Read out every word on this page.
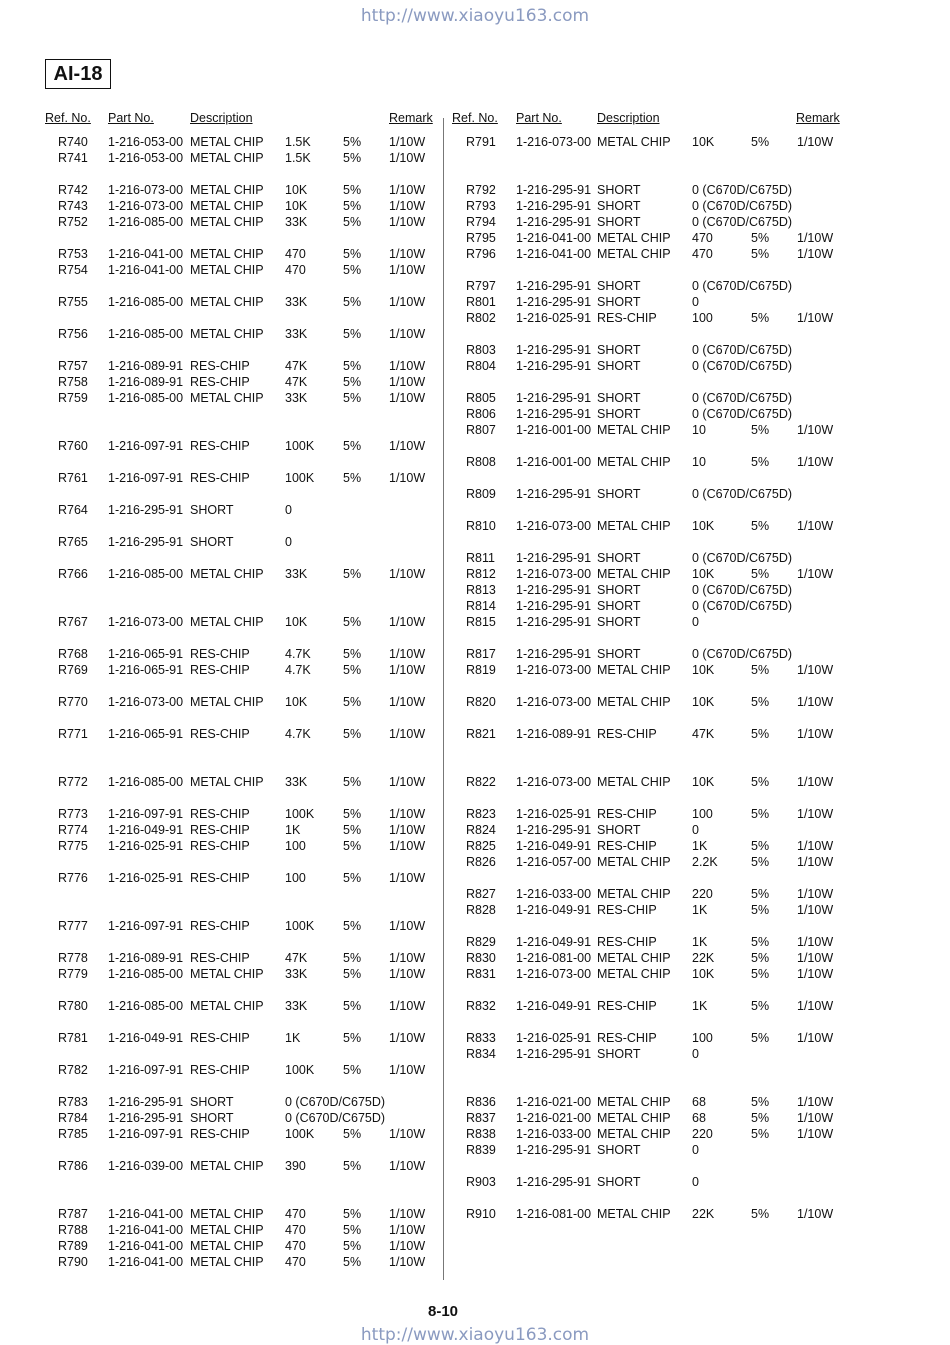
http://www.xiaoyu163.com
AI-18
Ref. No. Part No.	Description	Remark Ref. No. Part No.	Description	Remark
R740 1-216-053-00 METAL CHIP 1.5K	5% 1/10W
R741 1-216-053-00 METAL CHIP 1.5K	5% 1/10W
R742 1-216-073-00 METAL CHIP 10K	5% 1/10W
R743 1-216-073-00 METAL CHIP 10K	5% 1/10W
R752 1-216-085-00 METAL CHIP 33K	5% 1/10W
R753 1-216-041-00 METAL CHIP 470	5% 1/10W
R754 1-216-041-00 METAL CHIP 470	5% 1/10W
R755 1-216-085-00 METAL CHIP 33K	5% 1/10W
R756 1-216-085-00 METAL CHIP 33K	5% 1/10W
R757 1-216-089-91 RES-CHIP	47K	5% 1/10W
R758 1-216-089-91 RES-CHIP	47K	5% 1/10W
R759 1-216-085-00 METAL CHIP 33K	5% 1/10W
R760 1-216-097-91 RES-CHIP	100K 5% 1/10W
R761 1-216-097-91 RES-CHIP	100K 5% 1/10W
R764 1-216-295-91 SHORT	0
R765 1-216-295-91 SHORT	0
R766 1-216-085-00 METAL CHIP 33K	5% 1/10W
R767 1-216-073-00 METAL CHIP 10K	5% 1/10W
R768 1-216-065-91 RES-CHIP	4.7K	5% 1/10W
R769 1-216-065-91 RES-CHIP	4.7K	5% 1/10W
R770 1-216-073-00 METAL CHIP 10K	5% 1/10W
R771 1-216-065-91 RES-CHIP	4.7K	5% 1/10W
R772 1-216-085-00 METAL CHIP 33K	5% 1/10W
R773 1-216-097-91 RES-CHIP	100K 5% 1/10W
R774 1-216-049-91 RES-CHIP	1K	5% 1/10W
R775 1-216-025-91 RES-CHIP	100	5% 1/10W
R776 1-216-025-91 RES-CHIP	100	5% 1/10W
R777 1-216-097-91 RES-CHIP	100K 5% 1/10W
R778 1-216-089-91 RES-CHIP	47K	5% 1/10W
R779 1-216-085-00 METAL CHIP 33K	5% 1/10W
R780 1-216-085-00 METAL CHIP 33K	5% 1/10W
R781 1-216-049-91 RES-CHIP	1K	5% 1/10W
R782 1-216-097-91 RES-CHIP	100K 5% 1/10W
R783 1-216-295-91 SHORT	0 (C670D/C675D)
R784 1-216-295-91 SHORT	0 (C670D/C675D)
R785 1-216-097-91 RES-CHIP	100K 5% 1/10W
R786 1-216-039-00 METAL CHIP 390	5% 1/10W
R787 1-216-041-00 METAL CHIP 470	5% 1/10W
R788 1-216-041-00 METAL CHIP 470	5% 1/10W
R789 1-216-041-00 METAL CHIP 470	5% 1/10W
R790 1-216-041-00 METAL CHIP 470	5% 1/10W
R791 1-216-073-00 METAL CHIP 10K	5% 1/10W
R792 1-216-295-91 SHORT	0 (C670D/C675D)
R793 1-216-295-91 SHORT	0 (C670D/C675D)
R794 1-216-295-91 SHORT	0 (C670D/C675D)
R795 1-216-041-00 METAL CHIP 470	5% 1/10W
R796 1-216-041-00 METAL CHIP 470	5% 1/10W
R797 1-216-295-91 SHORT	0 (C670D/C675D)
R801 1-216-295-91 SHORT	0
R802 1-216-025-91 RES-CHIP	100	5% 1/10W
R803 1-216-295-91 SHORT	0 (C670D/C675D)
R804 1-216-295-91 SHORT	0 (C670D/C675D)
R805 1-216-295-91 SHORT	0 (C670D/C675D)
R806 1-216-295-91 SHORT	0 (C670D/C675D)
R807 1-216-001-00 METAL CHIP 10	5% 1/10W
R808 1-216-001-00 METAL CHIP 10	5% 1/10W
R809 1-216-295-91 SHORT	0 (C670D/C675D)
R810 1-216-073-00 METAL CHIP 10K	5% 1/10W
R811 1-216-295-91 SHORT	0 (C670D/C675D)
R812 1-216-073-00 METAL CHIP 10K	5% 1/10W
R813 1-216-295-91 SHORT	0 (C670D/C675D)
R814 1-216-295-91 SHORT	0 (C670D/C675D)
R815 1-216-295-91 SHORT	0
R817 1-216-295-91 SHORT	0 (C670D/C675D)
R819 1-216-073-00 METAL CHIP 10K	5% 1/10W
R820 1-216-073-00 METAL CHIP 10K	5% 1/10W
R821 1-216-089-91 RES-CHIP	47K	5% 1/10W
R822 1-216-073-00 METAL CHIP 10K	5% 1/10W
R823 1-216-025-91 RES-CHIP	100	5% 1/10W
R824 1-216-295-91 SHORT	0
R825 1-216-049-91 RES-CHIP	1K	5% 1/10W
R826 1-216-057-00 METAL CHIP 2.2K	5% 1/10W
R827 1-216-033-00 METAL CHIP 220	5% 1/10W
R828 1-216-049-91 RES-CHIP	1K	5% 1/10W
R829 1-216-049-91 RES-CHIP	1K	5% 1/10W
R830 1-216-081-00 METAL CHIP 22K	5% 1/10W
R831 1-216-073-00 METAL CHIP 10K	5% 1/10W
R832 1-216-049-91 RES-CHIP	1K	5% 1/10W
R833 1-216-025-91 RES-CHIP	100	5% 1/10W
R834 1-216-295-91 SHORT	0
R836 1-216-021-00 METAL CHIP 68	5% 1/10W
R837 1-216-021-00 METAL CHIP 68	5% 1/10W
R838 1-216-033-00 METAL CHIP 220	5% 1/10W
R839 1-216-295-91 SHORT	0
R903 1-216-295-91 SHORT	0
R910 1-216-081-00 METAL CHIP 22K	5% 1/10W
8-10
http://www.xiaoyu163.com
